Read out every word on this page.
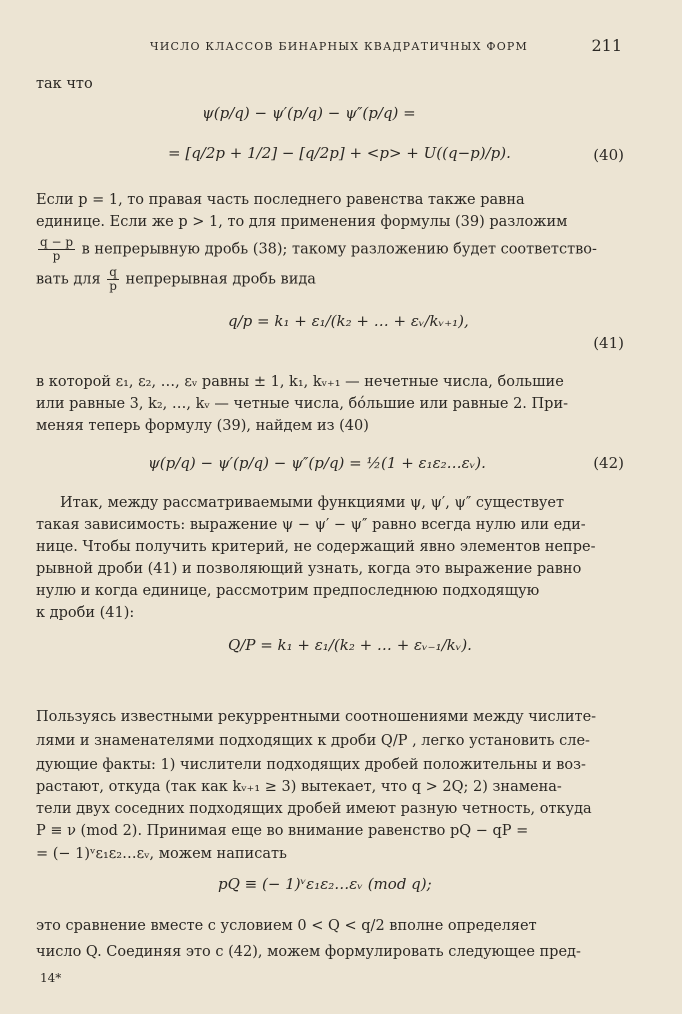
ЧИСЛО КЛАССОВ БИНАРНЫХ КВАДРАТИЧНЫХ ФОРМ	211
так что
ψ(p/q) − ψ′(p/q) − ψ″(p/q) =
= [q/2p + 1/2] − [q/2p] + <p> + U((q−p)/p).	(40)
Если p = 1, то правая часть последнего равенства также равна
единице. Если же p > 1, то для применения формулы (39) разложим
$\frac{q - p}{p}$ в непрерывную дробь (38); такому разложению будет соответство-
вать для $\frac{q}{p}$ непрерывная дробь вида
q/p = k₁ + ε₁/(k₂ + … + εᵥ/kᵥ₊₁),
(41)
в которой ε₁, ε₂, …, εᵥ равны ± 1, k₁, kᵥ₊₁ — нечетные числа, большие
или равные 3, k₂, …, kᵥ — четные числа, бóльшие или равные 2. При-
меняя теперь формулу (39), найдем из (40)
ψ(p/q) − ψ′(p/q) − ψ″(p/q) = ½(1 + ε₁ε₂…εᵥ).	(42)
Итак, между рассматриваемыми функциями ψ, ψ′, ψ″ существует
такая зависимость: выражение ψ − ψ′ − ψ″ равно всегда нулю или еди-
нице. Чтобы получить критерий, не содержащий явно элементов непре-
рывной дроби (41) и позволяющий узнать, когда это выражение равно
нулю и когда единице, рассмотрим предпоследнюю подходящую
к дроби (41):
Q/P = k₁ + ε₁/(k₂ + … + εᵥ₋₁/kᵥ).
Пользуясь известными рекуррентными соотношениями между числите-
лями и знаменателями подходящих к дроби Q/P , легко установить сле-
дующие факты: 1) числители подходящих дробей положительны и воз-
растают, откуда (так как kᵥ₊₁ ≥ 3) вытекает, что q > 2Q; 2) знамена-
тели двух соседних подходящих дробей имеют разную четность, откуда
P ≡ ν (mod 2). Принимая еще во внимание равенство pQ − qP =
= (− 1)ᵛε₁ε₂…εᵥ, можем написать
pQ ≡ (− 1)ᵛε₁ε₂…εᵥ (mod q);
это сравнение вместе с условием 0 < Q < q/2 вполне определяет
число Q. Соединяя это с (42), можем формулировать следующее пред-
14*
